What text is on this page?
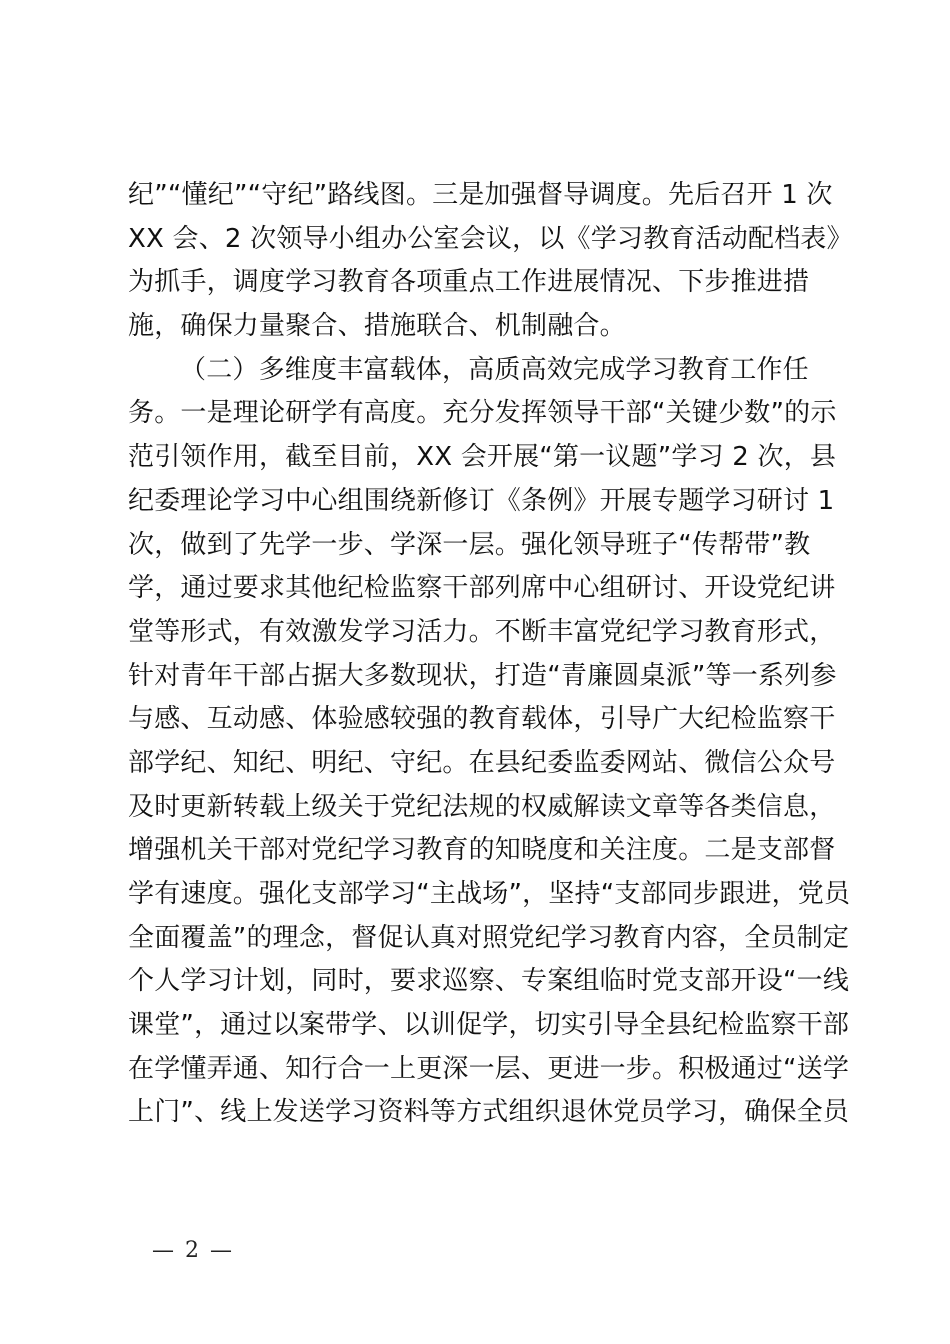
纪”“懂纪”“守纪”路线图。三是加强督导调度。先后召开 1 次
XX 会、2 次领导小组办公室会议，以《学习教育活动配档表》
为抓手，调度学习教育各项重点工作进展情况、下步推进措
施，确保力量聚合、措施联合、机制融合。
（二）多维度丰富载体，高质高效完成学习教育工作任
务。一是理论研学有高度。充分发挥领导干部“关键少数”的示
范引领作用，截至目前，XX 会开展“第一议题”学习 2 次，县
纪委理论学习中心组围绕新修订《条例》开展专题学习研讨 1
次，做到了先学一步、学深一层。强化领导班子“传帮带”教
学，通过要求其他纪检监察干部列席中心组研讨、开设党纪讲
堂等形式，有效激发学习活力。不断丰富党纪学习教育形式，
针对青年干部占据大多数现状，打造“青廉圆桌派”等一系列参
与感、互动感、体验感较强的教育载体，引导广大纪检监察干
部学纪、知纪、明纪、守纪。在县纪委监委网站、微信公众号
及时更新转载上级关于党纪法规的权威解读文章等各类信息，
增强机关干部对党纪学习教育的知晓度和关注度。二是支部督
学有速度。强化支部学习“主战场”，坚持“支部同步跟进，党员
全面覆盖”的理念，督促认真对照党纪学习教育内容，全员制定
个人学习计划，同时，要求巡察、专案组临时党支部开设“一线
课堂”，通过以案带学、以训促学，切实引导全县纪检监察干部
在学懂弄通、知行合一上更深一层、更进一步。积极通过“送学
上门”、线上发送学习资料等方式组织退休党员学习，确保全员
— 2 —
